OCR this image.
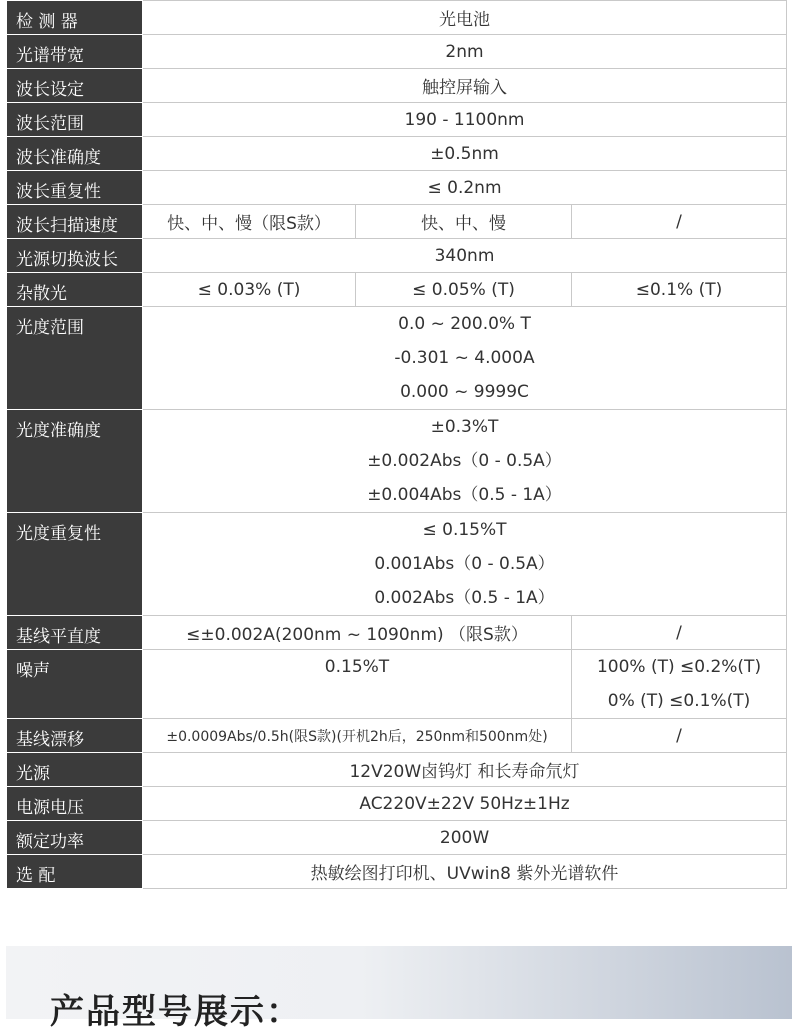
检 测 器	光电池		
光谱带宽	2nm		
波长设定	触控屏输入		
波长范围	190 - 1100nm		
波长准确度	±0.5nm		
波长重复性	≤ 0.2nm		
波长扫描速度	快、中、慢（限S款）	快、中、慢	/
光源切换波长	340nm		
杂散光	≤ 0.03% (T)	≤ 0.05% (T)	≤0.1% (T)
光度范围	0.0 ~ 200.0% T
-0.301 ~ 4.000A
0.000 ~ 9999C		

光度准确度	±0.3%T
±0.002Abs（0 - 0.5A）
±0.004Abs（0.5 - 1A）		

光度重复性	≤ 0.15%T
0.001Abs（0 - 0.5A）
0.002Abs（0.5 - 1A）		

基线平直度	≤±0.002A(200nm ~ 1090nm) （限S款）		/
噪声	0.15%T		100% (T) ≤0.2%(T)
0% (T) ≤0.1%(T)

基线漂移	±0.0009Abs/0.5h(限S款)(开机2h后，250nm和500nm处)		/
光源	12V20W卤钨灯 和长寿命氘灯		
电源电压	AC220V±22V 50Hz±1Hz		
额定功率	200W		
选 配	热敏绘图打印机、UVwin8 紫外光谱软件		
产品型号展示：
